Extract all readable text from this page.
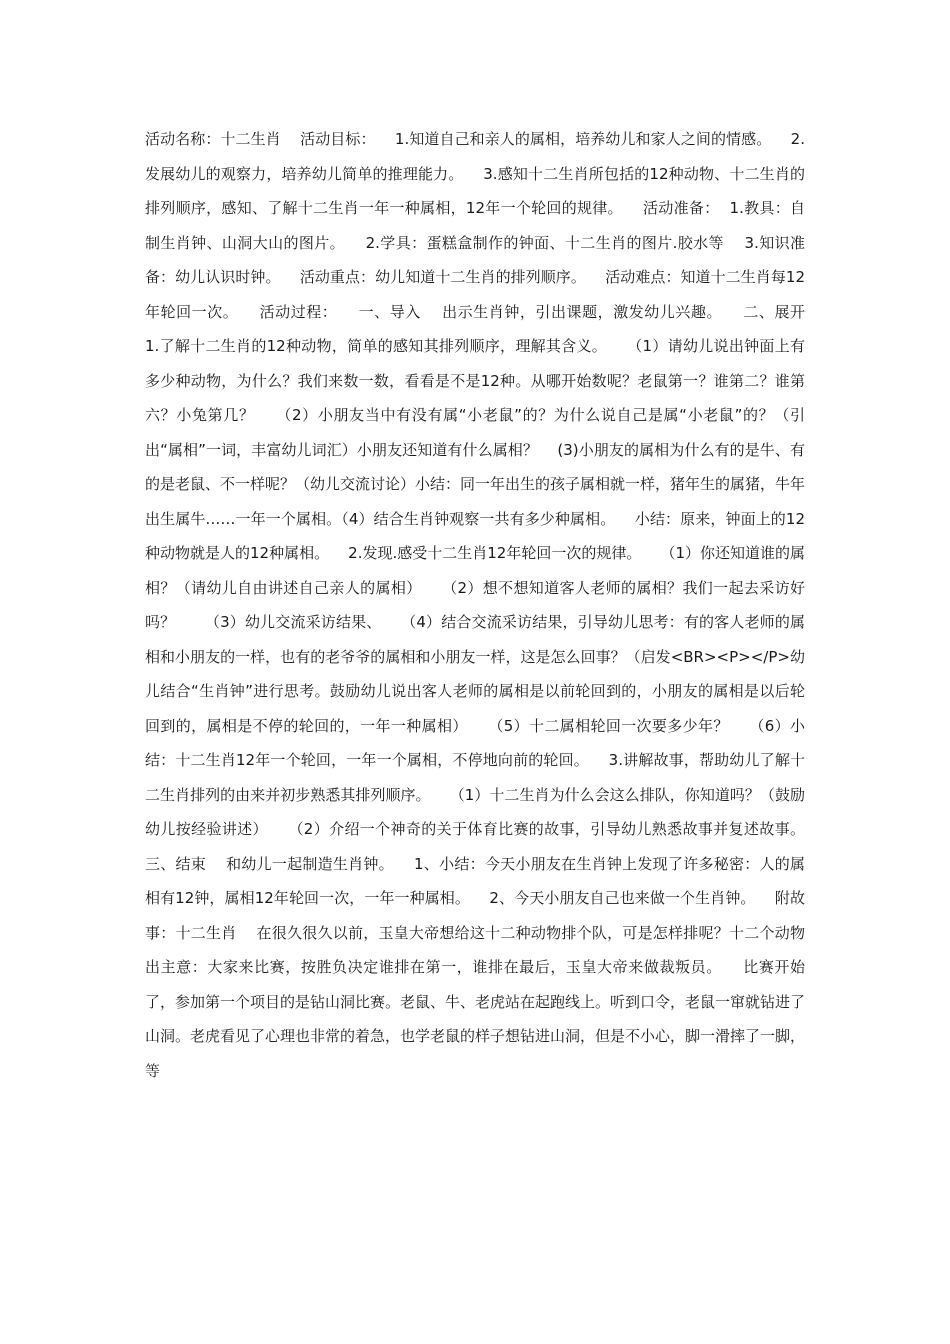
活动名称：十二生肖    活动目标：    1.知道自己和亲人的属相，培养幼儿和家人之间的情感。    2.发展幼儿的观察力，培养幼儿简单的推理能力。    3.感知十二生肖所包括的12种动物、十二生肖的排列顺序，感知、了解十二生肖一年一种属相，12年一个轮回的规律。    活动准备：  1.教具：自制生肖钟、山洞大山的图片。    2.学具：蛋糕盒制作的钟面、十二生肖的图片.胶水等    3.知识准备：幼儿认识时钟。    活动重点：幼儿知道十二生肖的排列顺序。    活动难点：知道十二生肖每12年轮回一次。    活动过程：    一、导入    出示生肖钟，引出课题，激发幼儿兴趣。    二、展开    1.了解十二生肖的12种动物，简单的感知其排列顺序，理解其含义。    （1）请幼儿说出钟面上有多少种动物，为什么？我们来数一数，看看是不是12种。从哪开始数呢？老鼠第一？谁第二？谁第六？小兔第几？    （2）小朋友当中有没有属“小老鼠”的？为什么说自己是属“小老鼠”的？（引出“属相”一词，丰富幼儿词汇）小朋友还知道有什么属相？    (3)小朋友的属相为什么有的是牛、有的是老鼠、不一样呢？（幼儿交流讨论）小结：同一年出生的孩子属相就一样，猪年生的属猪，牛年出生属牛……一年一个属相。（4）结合生肖钟观察一共有多少种属相。    小结：原来，钟面上的12种动物就是人的12种属相。    2.发现.感受十二生肖12年轮回一次的规律。    （1）你还知道谁的属相？（请幼儿自由讲述自己亲人的属相）    （2）想不想知道客人老师的属相？我们一起去采访好吗？      （3）幼儿交流采访结果、    （4）结合交流采访结果，引导幼儿思考：有的客人老师的属相和小朋友的一样，也有的老爷爷的属相和小朋友一样，这是怎么回事？（启发<BR><P></P>幼儿结合“生肖钟”进行思考。鼓励幼儿说出客人老师的属相是以前轮回到的，小朋友的属相是以后轮回到的，属相是不停的轮回的，一年一种属相）    （5）十二属相轮回一次要多少年？    （6）小结：十二生肖12年一个轮回，一年一个属相，不停地向前的轮回。    3.讲解故事，帮助幼儿了解十二生肖排列的由来并初步熟悉其排列顺序。    （1）十二生肖为什么会这么排队，你知道吗？（鼓励幼儿按经验讲述）    （2）介绍一个神奇的关于体育比赛的故事，引导幼儿熟悉故事并复述故事。    三、结束    和幼儿一起制造生肖钟。    1、小结：今天小朋友在生肖钟上发现了许多秘密：人的属相有12钟，属相12年轮回一次，一年一种属相。    2、今天小朋友自己也来做一个生肖钟。    附故事：十二生肖    在很久很久以前，玉皇大帝想给这十二种动物排个队，可是怎样排呢？十二个动物出主意：大家来比赛，按胜负决定谁排在第一，谁排在最后，玉皇大帝来做裁叛员。    比赛开始了，参加第一个项目的是钻山洞比赛。老鼠、牛、老虎站在起跑线上。听到口令，老鼠一窜就钻进了山洞。老虎看见了心理也非常的着急，也学老鼠的样子想钻进山洞，但是不小心，脚一滑摔了一脚，等
